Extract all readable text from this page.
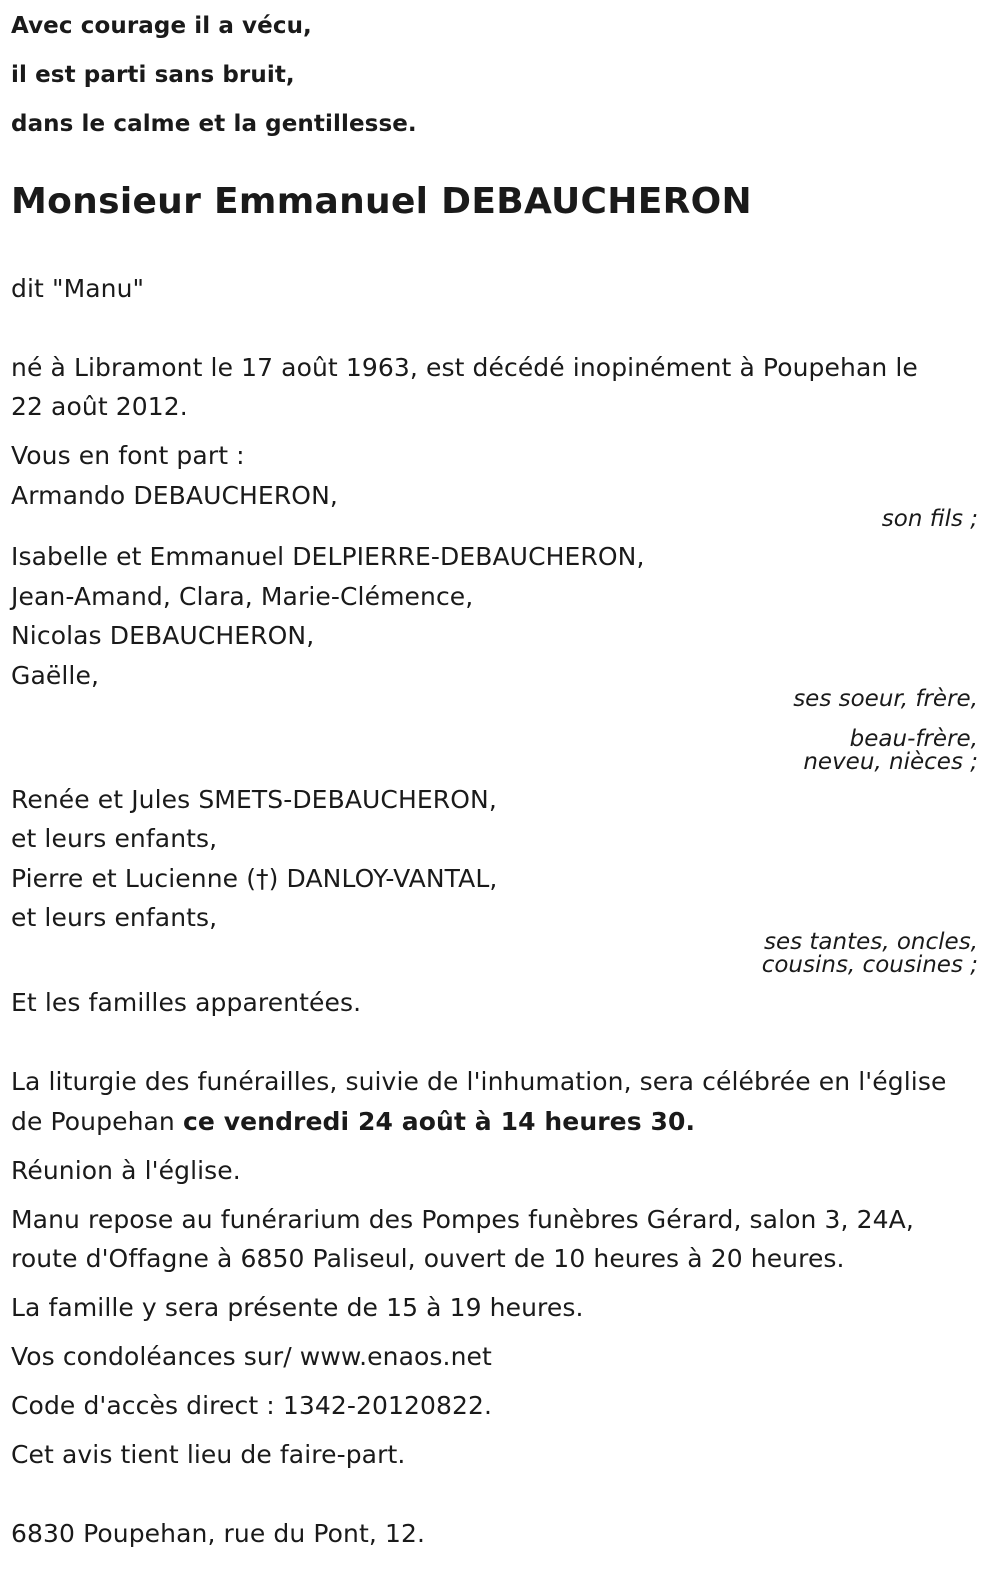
Avec courage il a vécu,
il est parti sans bruit,
dans le calme et la gentillesse.
Monsieur Emmanuel DEBAUCHERON
dit "Manu"
né à Libramont le 17 août 1963, est décédé inopinément à Poupehan le
22 août 2012.
Vous en font part :
Armando DEBAUCHERON,
son fils ;
Isabelle et Emmanuel DELPIERRE-DEBAUCHERON,
Jean-Amand, Clara, Marie-Clémence,
Nicolas DEBAUCHERON,
Gaëlle,
ses soeur, frère,
beau-frère,
neveu, nièces ;
Renée et Jules SMETS-DEBAUCHERON,
et leurs enfants,
Pierre et Lucienne (†) DANLOY-VANTAL,
et leurs enfants,
ses tantes, oncles,
cousins, cousines ;
Et les familles apparentées.
La liturgie des funérailles, suivie de l'inhumation, sera célébrée en l'église
de Poupehan ce vendredi 24 août à 14 heures 30.
Réunion à l'église.
Manu repose au funérarium des Pompes funèbres Gérard, salon 3, 24A,
route d'Offagne à 6850 Paliseul, ouvert de 10 heures à 20 heures.
La famille y sera présente de 15 à 19 heures.
Vos condoléances sur/ www.enaos.net
Code d'accès direct : 1342-20120822.
Cet avis tient lieu de faire-part.
6830 Poupehan, rue du Pont, 12.
